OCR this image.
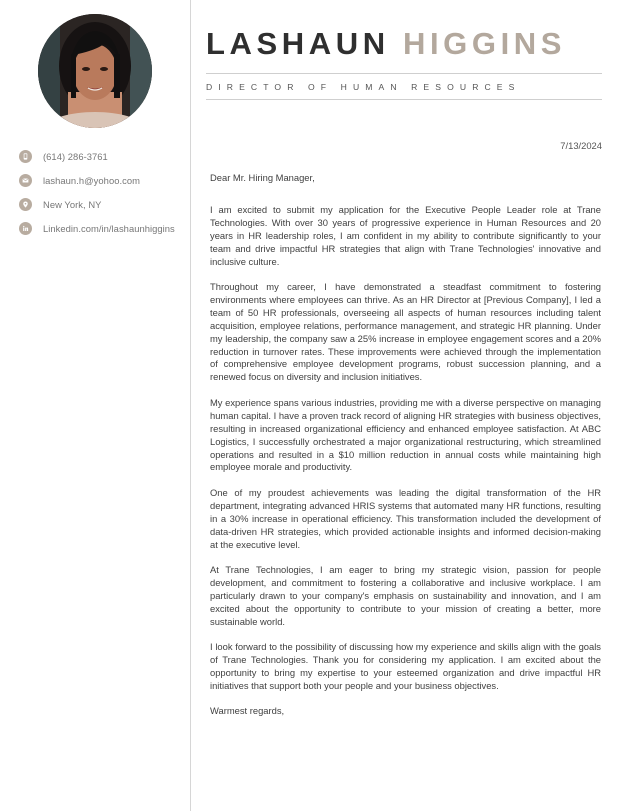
(614) 286-3761
lashaun.h@yohoo.com
New York, NY
Linkedin.com/in/lashaunhiggins
LASHAUN HIGGINS
DIRECTOR OF HUMAN RESOURCES
7/13/2024

Dear Mr. Hiring Manager,

I am excited to submit my application for the Executive People Leader role at Trane Technologies. With over 30 years of progressive experience in Human Resources and 20 years in HR leadership roles, I am confident in my ability to contribute significantly to your team and drive impactful HR strategies that align with Trane Technologies' innovative and inclusive culture.

Throughout my career, I have demonstrated a steadfast commitment to fostering environments where employees can thrive. As an HR Director at [Previous Company], I led a team of 50 HR professionals, overseeing all aspects of human resources including talent acquisition, employee relations, performance management, and strategic HR planning. Under my leadership, the company saw a 25% increase in employee engagement scores and a 20% reduction in turnover rates. These improvements were achieved through the implementation of comprehensive employee development programs, robust succession planning, and a renewed focus on diversity and inclusion initiatives.

My experience spans various industries, providing me with a diverse perspective on managing human capital. I have a proven track record of aligning HR strategies with business objectives, resulting in increased organizational efficiency and enhanced employee satisfaction. At ABC Logistics, I successfully orchestrated a major organizational restructuring, which streamlined operations and resulted in a $10 million reduction in annual costs while maintaining high employee morale and productivity.

One of my proudest achievements was leading the digital transformation of the HR department, integrating advanced HRIS systems that automated many HR functions, resulting in a 30% increase in operational efficiency. This transformation included the development of data-driven HR strategies, which provided actionable insights and informed decision-making at the executive level.

At Trane Technologies, I am eager to bring my strategic vision, passion for people development, and commitment to fostering a collaborative and inclusive workplace. I am particularly drawn to your company's emphasis on sustainability and innovation, and I am excited about the opportunity to contribute to your mission of creating a better, more sustainable world.

I look forward to the possibility of discussing how my experience and skills align with the goals of Trane Technologies. Thank you for considering my application. I am excited about the opportunity to bring my expertise to your esteemed organization and drive impactful HR initiatives that support both your people and your business objectives.

Warmest regards,
